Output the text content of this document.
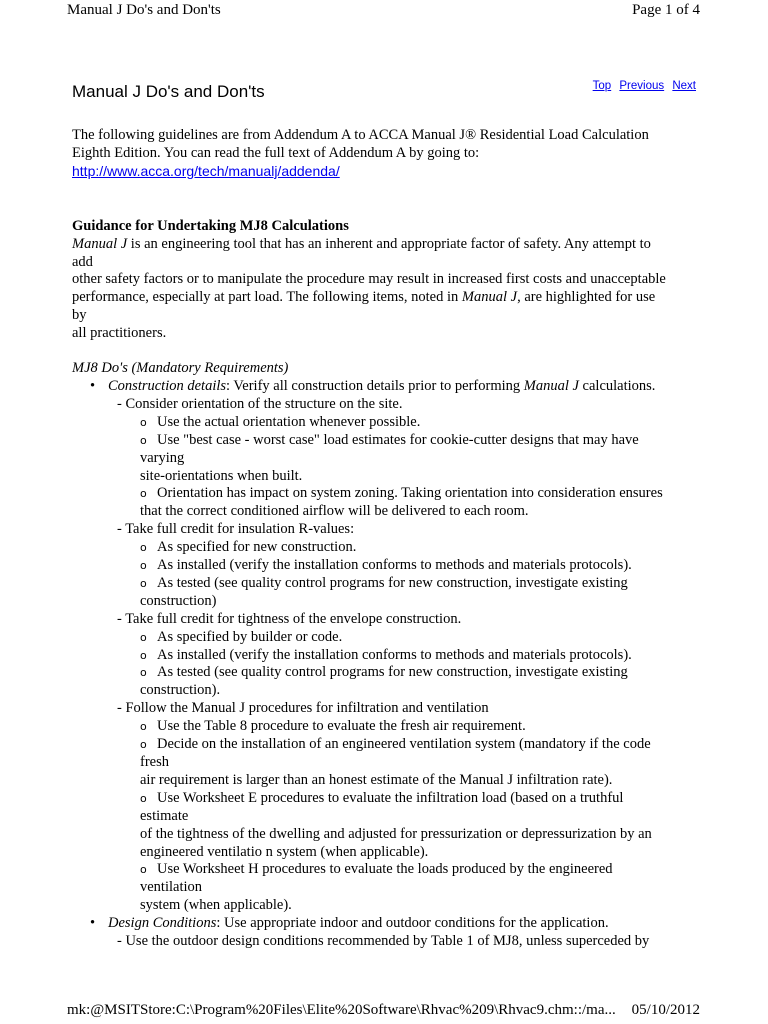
Manual J Do's and Don'ts	Page 1 of 4
Manual J Do's and Don'ts	Top Previous Next

The following guidelines are from Addendum A to ACCA Manual J® Residential Load Calculation

Eighth Edition. You can read the full text of Addendum A by going to:

http://www.acca.org/tech/manualj/addenda/

Guidance for Undertaking MJ8 Calculations

Manual J is an engineering tool that has an inherent and appropriate factor of safety. Any attempt to

add

other safety factors or to manipulate the procedure may result in increased first costs and unacceptable

performance, especially at part load. The following items, noted in Manual J, are highlighted for use

by

all practitioners.

MJ8 Do's (Mandatory Requirements)

• Construction details: Verify all construction details prior to performing Manual J calculations.

- Consider orientation of the structure on the site.

o Use the actual orientation whenever possible.

o Use "best case - worst case" load estimates for cookie-cutter designs that may have

varying

site-orientations when built.

o Orientation has impact on system zoning. Taking orientation into consideration ensures

that the correct conditioned airflow will be delivered to each room.

- Take full credit for insulation R-values:

o As specified for new construction.

o As installed (verify the installation conforms to methods and materials protocols).

o As tested (see quality control programs for new construction, investigate existing

construction)

- Take full credit for tightness of the envelope construction.

o As specified by builder or code.

o As installed (verify the installation conforms to methods and materials protocols).

o As tested (see quality control programs for new construction, investigate existing

construction).

- Follow the Manual J procedures for infiltration and ventilation

o Use the Table 8 procedure to evaluate the fresh air requirement.

o Decide on the installation of an engineered ventilation system (mandatory if the code

fresh

air requirement is larger than an honest estimate of the Manual J infiltration rate).

o Use Worksheet E procedures to evaluate the infiltration load (based on a truthful

estimate

of the tightness of the dwelling and adjusted for pressurization or depressurization by an

engineered ventilatio n system (when applicable).

o Use Worksheet H procedures to evaluate the loads produced by the engineered

ventilation

system (when applicable).

• Design Conditions: Use appropriate indoor and outdoor conditions for the application.

- Use the outdoor design conditions recommended by Table 1 of MJ8, unless superceded by

mk:@MSITStore:C:\Program%20Files\Elite%20Software\Rhvac%209\Rhvac9.chm::/ma... 05/10/2012
